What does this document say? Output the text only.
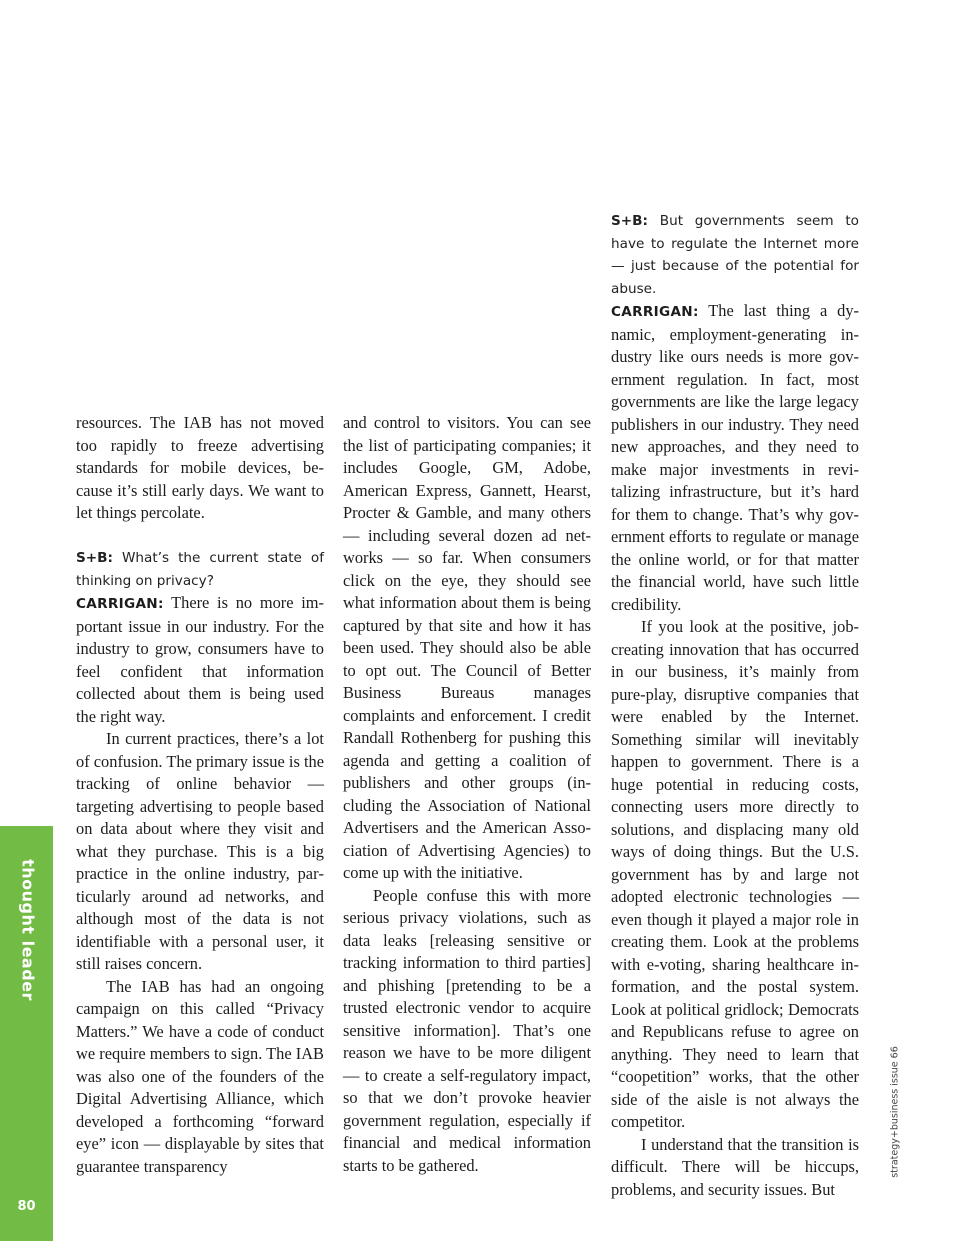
resources. The IAB has not moved too rapidly to freeze advertising standards for mobile devices, because it’s still early days. We want to let things percolate.

S+B: What’s the current state of thinking on privacy?

CARRIGAN: There is no more important issue in our industry. For the industry to grow, consumers have to feel confident that information collected about them is being used the right way.

In current practices, there’s a lot of confusion. The primary issue is the tracking of online behavior — targeting advertising to people based on data about where they visit and what they purchase. This is a big practice in the online industry, particularly around ad networks, and although most of the data is not identifiable with a personal user, it still raises concern.

The IAB has had an ongoing campaign on this called “Privacy Matters.” We have a code of conduct we require members to sign. The IAB was also one of the founders of the Digital Advertising Alliance, which developed a forthcoming “forward eye” icon — displayable by sites that guarantee transparency

and control to visitors. You can see the list of participating companies; it includes Google, GM, Adobe, American Express, Gannett, Hearst, Procter & Gamble, and many others — including several dozen ad networks — so far. When consumers click on the eye, they should see what information about them is being captured by that site and how it has been used. They should also be able to opt out. The Council of Better Business Bureaus manages complaints and enforcement. I credit Randall Rothenberg for pushing this agenda and getting a coalition of publishers and other groups (including the Association of National Advertisers and the American Association of Advertising Agencies) to come up with the initiative.

People confuse this with more serious privacy violations, such as data leaks [releasing sensitive or tracking information to third parties] and phishing [pretending to be a trusted electronic vendor to acquire sensitive information]. That’s one reason we have to be more diligent — to create a self-regulatory impact, so that we don’t provoke heavier government regulation, especially if financial and medical information starts to be gathered.

S+B: But governments seem to have to regulate the Internet more — just because of the potential for abuse.

CARRIGAN: The last thing a dynamic, employment-generating industry like ours needs is more government regulation. In fact, most governments are like the large legacy publishers in our industry. They need new approaches, and they need to make major investments in revitalizing infrastructure, but it’s hard for them to change. That’s why government efforts to regulate or manage the online world, or for that matter the financial world, have such little credibility.

If you look at the positive, job-creating innovation that has occurred in our business, it’s mainly from pure-play, disruptive companies that were enabled by the Internet. Something similar will inevitably happen to government. There is a huge potential in reducing costs, connecting users more directly to solutions, and displacing many old ways of doing things. But the U.S. government has by and large not adopted electronic technologies — even though it played a major role in creating them. Look at the problems with e-voting, sharing healthcare information, and the postal system. Look at political gridlock; Democrats and Republicans refuse to agree on anything. They need to learn that “coopetition” works, that the other side of the aisle is not always the competitor.

I understand that the transition is difficult. There will be hiccups, problems, and security issues. But

thought leader
80
strategy+business issue 66
